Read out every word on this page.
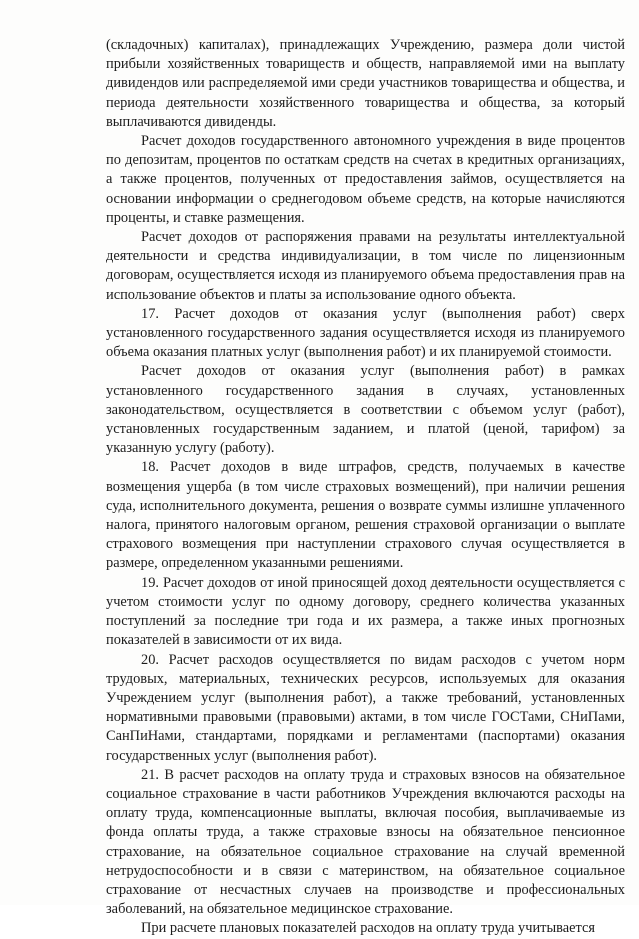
(складочных) капиталах), принадлежащих Учреждению, размера доли чистой прибыли хозяйственных товариществ и обществ, направляемой ими на выплату дивидендов или распределяемой ими среди участников товарищества и общества, и периода деятельности хозяйственного товарищества и общества, за который выплачиваются дивиденды.

Расчет доходов государственного автономного учреждения в виде процентов по депозитам, процентов по остаткам средств на счетах в кредитных организациях, а также процентов, полученных от предоставления займов, осуществляется на основании информации о среднегодовом объеме средств, на которые начисляются проценты, и ставке размещения.

Расчет доходов от распоряжения правами на результаты интеллектуальной деятельности и средства индивидуализации, в том числе по лицензионным договорам, осуществляется исходя из планируемого объема предоставления прав на использование объектов и платы за использование одного объекта.

17. Расчет доходов от оказания услуг (выполнения работ) сверх установленного государственного задания осуществляется исходя из планируемого объема оказания платных услуг (выполнения работ) и их планируемой стоимости.

Расчет доходов от оказания услуг (выполнения работ) в рамках установленного государственного задания в случаях, установленных законодательством, осуществляется в соответствии с объемом услуг (работ), установленных государственным заданием, и платой (ценой, тарифом) за указанную услугу (работу).

18. Расчет доходов в виде штрафов, средств, получаемых в качестве возмещения ущерба (в том числе страховых возмещений), при наличии решения суда, исполнительного документа, решения о возврате суммы излишне уплаченного налога, принятого налоговым органом, решения страховой организации о выплате страхового возмещения при наступлении страхового случая осуществляется в размере, определенном указанными решениями.

19. Расчет доходов от иной приносящей доход деятельности осуществляется с учетом стоимости услуг по одному договору, среднего количества указанных поступлений за последние три года и их размера, а также иных прогнозных показателей в зависимости от их вида.

20. Расчет расходов осуществляется по видам расходов с учетом норм трудовых, материальных, технических ресурсов, используемых для оказания Учреждением услуг (выполнения работ), а также требований, установленных нормативными правовыми (правовыми) актами, в том числе ГОСТами, СНиПами, СанПиНами, стандартами, порядками и регламентами (паспортами) оказания государственных услуг (выполнения работ).

21. В расчет расходов на оплату труда и страховых взносов на обязательное социальное страхование в части работников Учреждения включаются расходы на оплату труда, компенсационные выплаты, включая пособия, выплачиваемые из фонда оплаты труда, а также страховые взносы на обязательное пенсионное страхование, на обязательное социальное страхование на случай временной нетрудоспособности и в связи с материнством, на обязательное социальное страхование от несчастных случаев на производстве и профессиональных заболеваний, на обязательное медицинское страхование.

При расчете плановых показателей расходов на оплату труда учитывается
